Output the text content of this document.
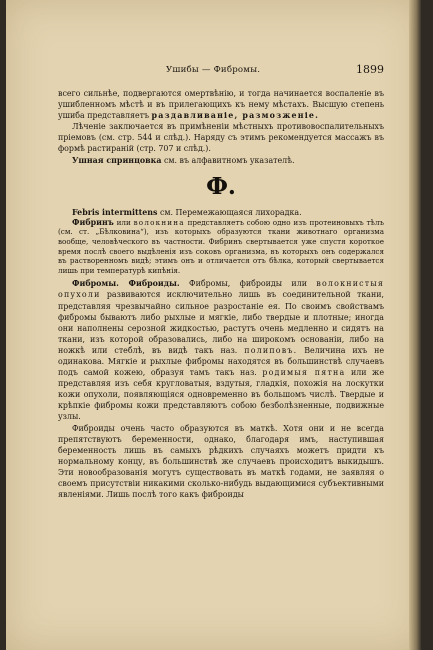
Ушибы — Фибромы.	1899

всего сильнѣе, подвергаются омертвѣнію, и тогда начинается воспаленіе въ ушибленномъ мѣстѣ и въ прилегающихъ къ нему мѣстахъ. Высшую степень ушиба представляетъ раздавливаніе, размозженіе.

Лѣченіе заключается въ примѣненіи мѣстныхъ противовоспалительныхъ пріемовъ (см. стр. 544 и слѣд.). Наряду съ этимъ рекомендуется массажъ въ формѣ растираній (стр. 707 и слѣд.).

Ушная спринцовка см. въ алфавитномъ указателѣ.

Ф.

Febris intermittens см. Перемежающаяся лихорадка.

Фибринъ или волокнина представляетъ собою одно изъ протеиновыхъ тѣлъ (см. ст. „Бѣлковина“), изъ которыхъ образуются ткани животнаго организма вообще, человѣческого въ частности. Фибринъ свертывается уже спустя короткое время послѣ своего выдѣленія изъ соковъ организма, въ которыхъ онъ содержался въ растворенномъ видѣ; этимъ онъ и отличается отъ бѣлка, который свертывается лишь при температурѣ кипѣнія.

Фибромы. Фиброиды. Фибромы, фиброиды или волокнистыя опухоли развиваются исключительно лишь въ соединительной ткани, представляя чрезвычайно сильное разростаніе ея. По своимъ свойствамъ фибромы бываютъ либо рыхлые и мягкіе, либо твердые и плотные; иногда они наполнены серозной жидкостью, растутъ очень медленно и сидятъ на ткани, изъ которой образовались, либо на широкомъ основаніи, либо на ножкѣ или стеблѣ, въ видѣ такъ наз. полиповъ. Величина ихъ не одинакова. Мягкіе и рыхлые фибромы находятся въ большинствѣ случаевъ подъ самой кожею, образуя тамъ такъ наз. родимыя пятна или же представляя изъ себя кругловатыя, вздутыя, гладкія, похожія на лоскутки кожи опухоли, появляющіяся одновременно въ большомъ числѣ. Твердые и крѣпкіе фибромы кожи представляютъ собою безболѣзненные, подвижные узлы.

Фиброиды очень часто образуются въ маткѣ. Хотя они и не всегда препятствуютъ беременности, однако, благодаря имъ, наступившая беременность лишь въ самыхъ рѣдкихъ случаяхъ можетъ придти къ нормальному концу, въ большинствѣ же случаевъ происходитъ выкидышъ. Эти новообразованія могутъ существовать въ маткѣ годами, не заявляя о своемъ присутствіи никакими сколько-нибудь выдающимися субъективными явленіями. Лишь послѣ того какъ фиброиды
